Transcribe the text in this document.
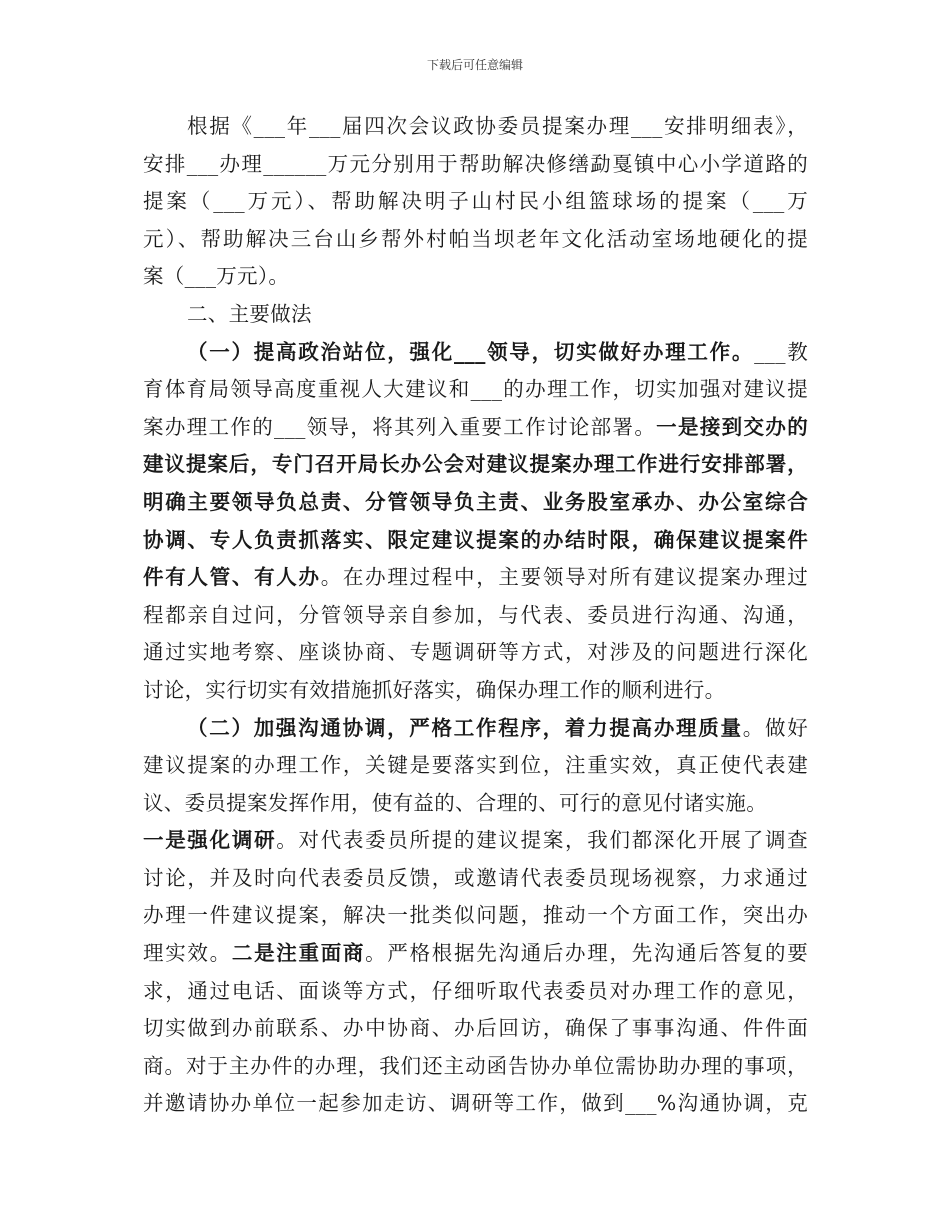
下载后可任意编辑
根据《___年___届四次会议政协委员提案办理___安排明细表》，
安排___办理______万元分别用于帮助解决修缮勐戛镇中心小学道路的
提案（___万元）、帮助解决明子山村民小组篮球场的提案（___万
元）、帮助解决三台山乡帮外村帕当坝老年文化活动室场地硬化的提
案（___万元）。
二、主要做法
（一）提高政治站位，强化___领导，切实做好办理工作。___教
育体育局领导高度重视人大建议和___的办理工作，切实加强对建议提
案办理工作的___领导，将其列入重要工作讨论部署。一是接到交办的
建议提案后，专门召开局长办公会对建议提案办理工作进行安排部署，
明确主要领导负总责、分管领导负主责、业务股室承办、办公室综合
协调、专人负责抓落实、限定建议提案的办结时限，确保建议提案件
件有人管、有人办。在办理过程中，主要领导对所有建议提案办理过
程都亲自过问，分管领导亲自参加，与代表、委员进行沟通、沟通，
通过实地考察、座谈协商、专题调研等方式，对涉及的问题进行深化
讨论，实行切实有效措施抓好落实，确保办理工作的顺利进行。
（二）加强沟通协调，严格工作程序，着力提高办理质量。做好
建议提案的办理工作，关键是要落实到位，注重实效，真正使代表建
议、委员提案发挥作用，使有益的、合理的、可行的意见付诸实施。
一是强化调研。对代表委员所提的建议提案，我们都深化开展了调查
讨论，并及时向代表委员反馈，或邀请代表委员现场视察，力求通过
办理一件建议提案，解决一批类似问题，推动一个方面工作，突出办
理实效。二是注重面商。严格根据先沟通后办理，先沟通后答复的要
求，通过电话、面谈等方式，仔细听取代表委员对办理工作的意见，
切实做到办前联系、办中协商、办后回访，确保了事事沟通、件件面
商。对于主办件的办理，我们还主动函告协办单位需协助办理的事项，
并邀请协办单位一起参加走访、调研等工作，做到___%沟通协调，克
